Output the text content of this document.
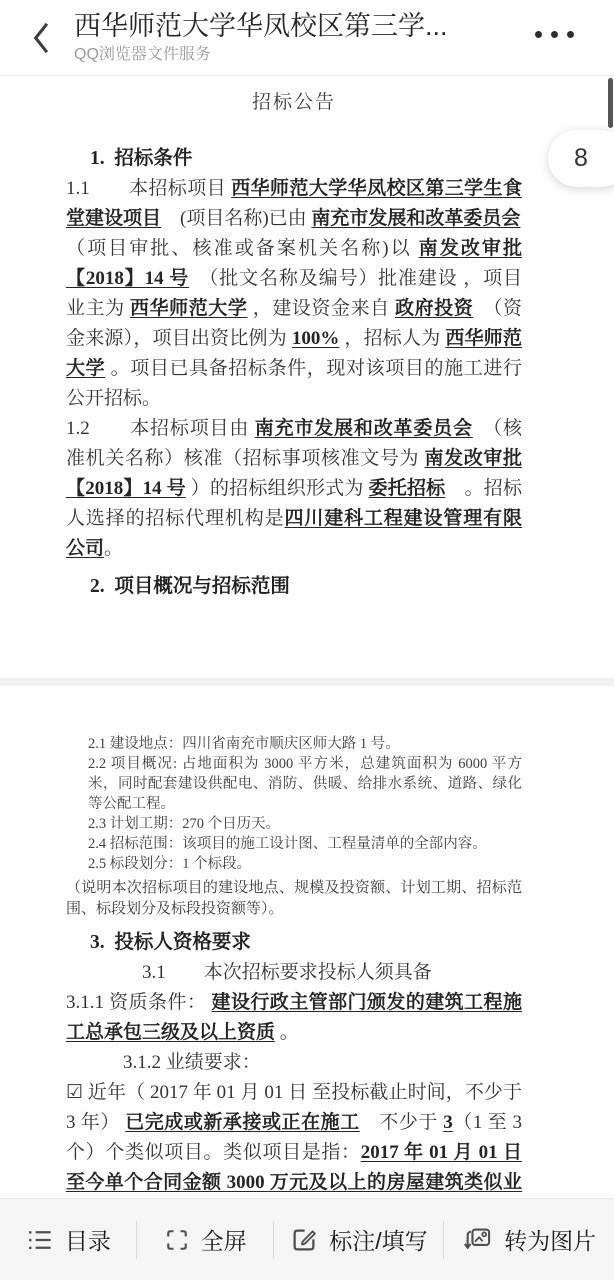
西华师范大学华凤校区第三学...
QQ浏览器文件服务
招标公告
1.  招标条件
1.1　　本招标项目 西华师范大学华凤校区第三学生食堂建设项目　(项目名称)已由 南充市发展和改革委员会　（项目审批、核准或备案机关名称)以 南发改审批【2018】14 号　（批文名称及编号）批准建设 ，项目业主为 西华师范大学 ，建设资金来自 政府投资　（资金来源），项目出资比例为 100% ，招标人为 西华师范大学 。项目已具备招标条件，现对该项目的施工进行公开招标。
1.2　　本招标项目由 南充市发展和改革委员会　（核准机关名称）核准（招标事项核准文号为 南发改审批【2018】14 号 ）的招标组织形式为 委托招标　。招标人选择的招标代理机构是四川建科工程建设管理有限公司。
2.  项目概况与招标范围
2.1 建设地点：四川省南充市顺庆区师大路 1 号。
2.2 项目概况: 占地面积为 3000 平方米，总建筑面积为 6000 平方米，同时配套建设供配电、消防、供暖、给排水系统、道路、绿化等公配工程。
2.3 计划工期：270 个日历天。
2.4 招标范围：该项目的施工设计图、工程量清单的全部内容。
2.5 标段划分：1 个标段。
（说明本次招标项目的建设地点、规模及投资额、计划工期、招标范围、标段划分及标段投资额等）。
3.  投标人资格要求
　　　　3.1　　本次招标要求投标人须具备
3.1.1 资质条件： 建设行政主管部门颁发的建筑工程施工总承包三级及以上资质 。
　　　3.1.2 业绩要求：
☑ 近年（ 2017 年 01 月 01 日 至投标截止时间，不少于 3 年） 已完成或新承接或正在施工　不少于 3（1 至 3 个）个类似项目。类似项目是指：2017 年 01 月 01 日至今单个合同金额 3000 万元及以上的房屋建筑类似业
8
目录	全屏	标注/填写	转为图片
